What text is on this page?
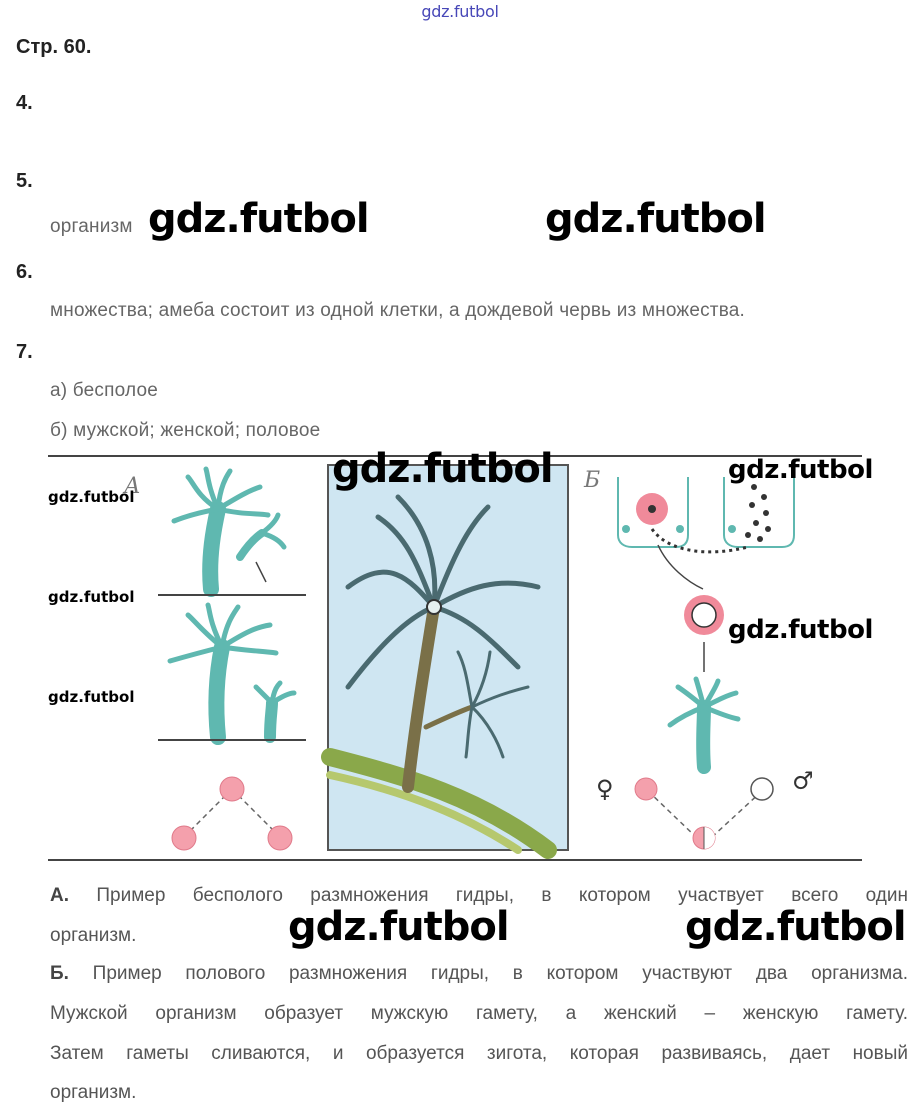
gdz.futbol
Стр. 60.
4.
5.
организм gdz.futbol	gdz.futbol
6.
множества; амеба состоит из одной клетки, а дождевой червь из множества.
7.
а) бесполое
б) мужской; женской; половое
А	Б
♀	♂
gdz.futbol
gdz.futbol
gdz.futbol
gdz.futbol	gdz.futbol
gdz.futbol
А. Пример бесполого размножения гидры, в котором участвует всего один
организм.	gdz.futbol	gdz.futbol
Б. Пример полового размножения гидры, в котором участвуют два организма.
Мужской организм образует мужскую гамету, а женский – женскую гамету.
Затем гаметы сливаются, и образуется зигота, которая развиваясь, дает новый
организм.
